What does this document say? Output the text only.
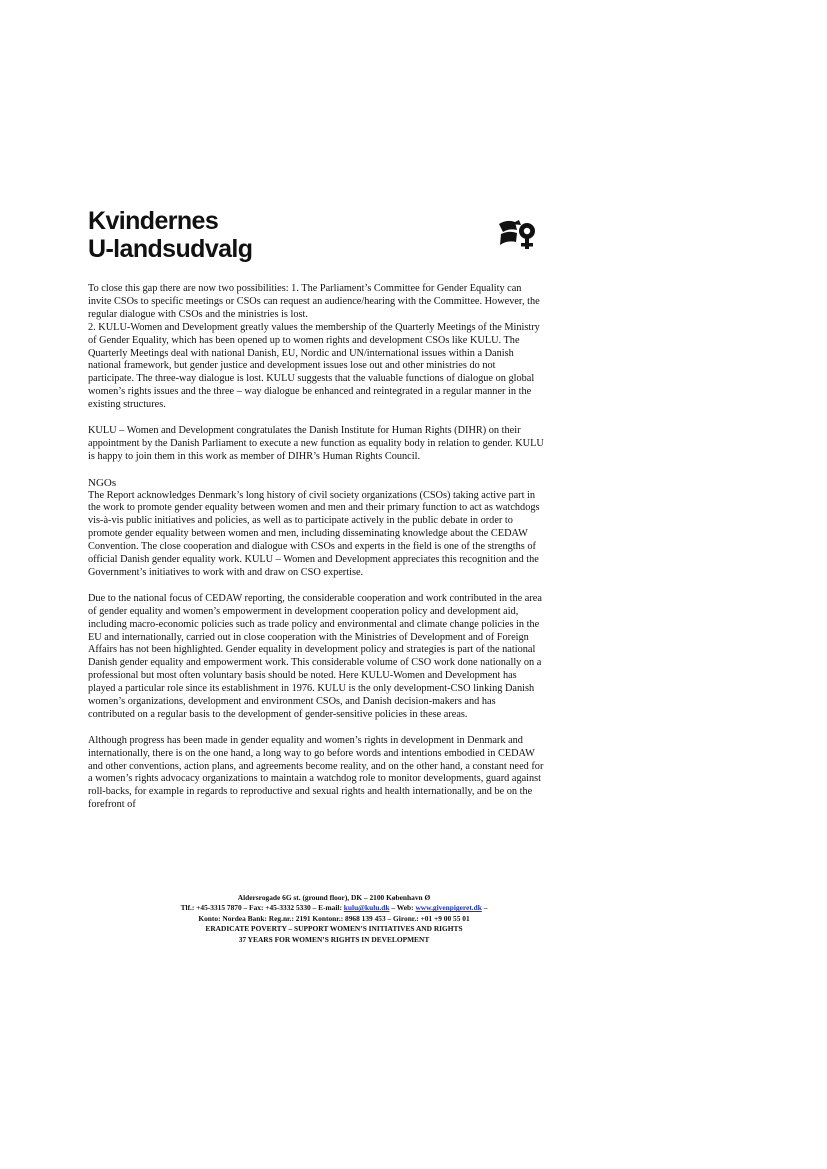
Kvindernes
U-landsudvalg

To close this gap there are now two possibilities: 1. The Parliament’s Committee for Gender Equality can invite CSOs to specific meetings or CSOs can request an audience/hearing with the Committee. However, the regular dialogue with CSOs and the ministries is lost.
2. KULU-Women and Development greatly values the membership of the Quarterly Meetings of the Ministry of Gender Equality, which has been opened up to women rights and development CSOs like KULU. The Quarterly Meetings deal with national Danish, EU, Nordic and UN/international issues within a Danish national framework, but gender justice and development issues lose out and other ministries do not participate. The three-way dialogue is lost. KULU suggests that the valuable functions of dialogue on global women’s rights issues and the three – way dialogue be enhanced and reintegrated in a regular manner in the existing structures.

KULU – Women and Development congratulates the Danish Institute for Human Rights (DIHR) on their appointment by the Danish Parliament to execute a new function as equality body in relation to gender. KULU is happy to join them in this work as member of DIHR’s Human Rights Council.

NGOs

The Report acknowledges Denmark’s long history of civil society organizations (CSOs) taking active part in the work to promote gender equality between women and men and their primary function to act as watchdogs vis-à-vis public initiatives and policies, as well as to participate actively in the public debate in order to promote gender equality between women and men, including disseminating knowledge about the CEDAW Convention. The close cooperation and dialogue with CSOs and experts in the field is one of the strengths of official Danish gender equality work. KULU – Women and Development appreciates this recognition and the Government’s initiatives to work with and draw on CSO expertise.

Due to the national focus of CEDAW reporting, the considerable cooperation and work contributed in the area of gender equality and women’s empowerment in development cooperation policy and development aid, including macro-economic policies such as trade policy and environmental and climate change policies in the EU and internationally, carried out in close cooperation with the Ministries of Development and of Foreign Affairs has not been highlighted. Gender equality in development policy and strategies is part of the national Danish gender equality and empowerment work. This considerable volume of CSO work done nationally on a professional but most often voluntary basis should be noted. Here KULU-Women and Development has played a particular role since its establishment in 1976. KULU is the only development-CSO linking Danish women’s organizations, development and environment CSOs, and Danish decision-makers and has contributed on a regular basis to the development of gender-sensitive policies in these areas.

Although progress has been made in gender equality and women’s rights in development in Denmark and internationally, there is on the one hand, a long way to go before words and intentions embodied in CEDAW and other conventions, action plans, and agreements become reality, and on the other hand, a constant need for a women’s rights advocacy organizations to maintain a watchdog role to monitor developments, guard against roll-backs, for example in regards to reproductive and sexual rights and health internationally, and be on the forefront of

Aldersrogade 6G st. (ground floor), DK – 2100 København Ø
Tlf.: +45-3315 7870 – Fax: +45-3332 5330 – E-mail: kulu@kulu.dk – Web: www.givenpigeret.dk –
Konto: Nordea Bank: Reg.nr.: 2191 Kontonr.: 8968 139 453 – Gironr.: +01 +9 00 55 01
ERADICATE POVERTY – SUPPORT WOMEN’S INITIATIVES AND RIGHTS
37 YEARS FOR WOMEN’S RIGHTS IN DEVELOPMENT
